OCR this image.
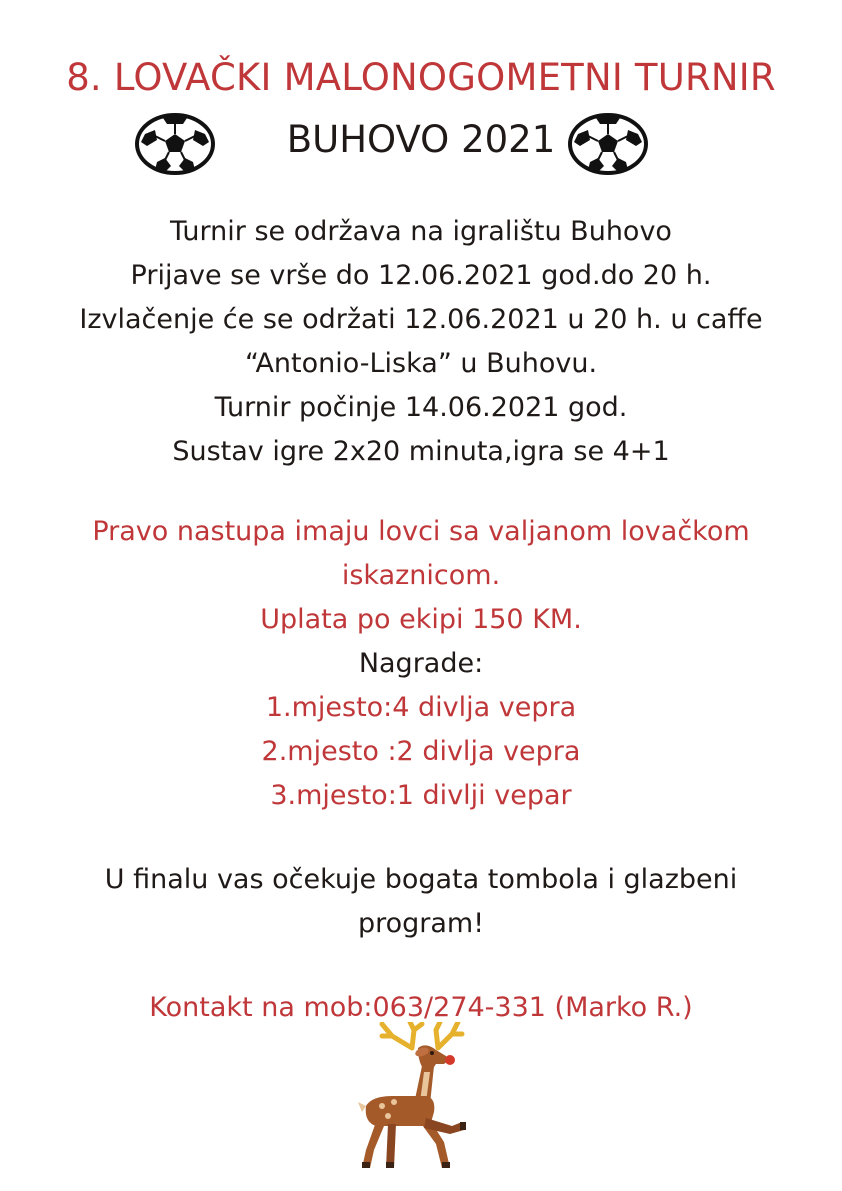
8. LOVAČKI MALONOGOMETNI TURNIR
BUHOVO 2021
Turnir se održava na igralištu Buhovo
Prijave se vrše do 12.06.2021 god.do 20 h.
Izvlačenje će se održati 12.06.2021 u 20 h. u caffe
“Antonio-Liska” u Buhovu.
Turnir počinje 14.06.2021 god.
Sustav igre 2x20 minuta,igra se 4+1
Pravo nastupa imaju lovci sa valjanom lovačkom
iskaznicom.
Uplata po ekipi 150 KM.
Nagrade:
1.mjesto:4 divlja vepra
2.mjesto :2 divlja vepra
3.mjesto:1 divlji vepar
U finalu vas očekuje bogata tombola i glazbeni
program!
Kontakt na mob:063/274-331 (Marko R.)
